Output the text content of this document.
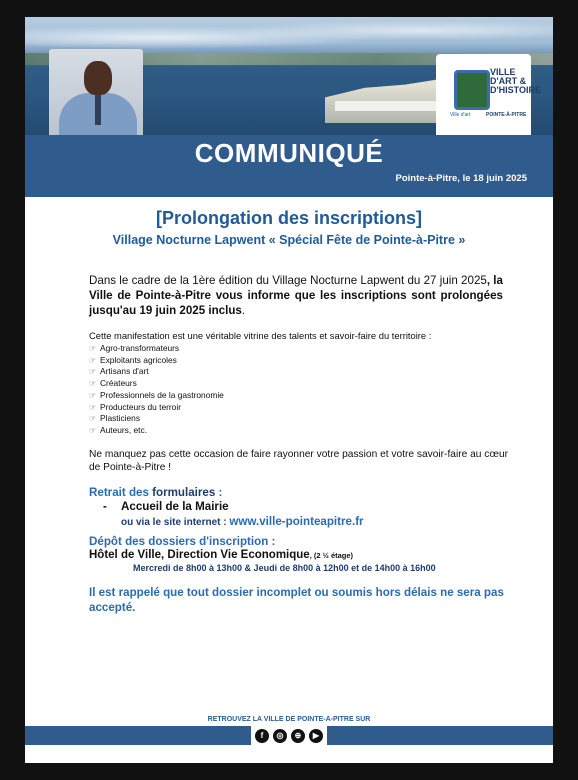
VILLE
D'ART &
D'HISTOIRE
Ville d'art	POINTE-À-PITRE
COMMUNIQUÉ
Pointe-à-Pitre, le 18 juin 2025
[Prolongation des inscriptions]
Village Nocturne Lapwent « Spécial Fête de Pointe-à-Pitre »
Dans le cadre de la 1ère édition du Village Nocturne Lapwent du 27 juin 2025, la Ville de Pointe-à-Pitre vous informe que les inscriptions sont prolongées jusqu'au 19 juin 2025 inclus.
Cette manifestation est une véritable vitrine des talents et savoir-faire du territoire :
☞ Agro-transformateurs
☞ Exploitants agricoles
☞ Artisans d'art
☞ Créateurs
☞ Professionnels de la gastronomie
☞ Producteurs du terroir
☞ Plasticiens
☞ Auteurs, etc.
Ne manquez pas cette occasion de faire rayonner votre passion et votre savoir-faire au cœur de Pointe-à-Pitre !
Retrait des formulaires :
- Accueil de la Mairie
ou via le site internet : www.ville-pointeapitre.fr
Dépôt des dossiers d'inscription :
Hôtel de Ville, Direction Vie Economique, (2 ½ étage)
Mercredi de 8h00 à 13h00 & Jeudi de 8h00 à 12h00 et de 14h00 à 16h00
Il est rappelé que tout dossier incomplet ou soumis hors délais ne sera pas accepté.
RETROUVEZ LA VILLE DE POINTE-A-PITRE SUR
f	◎	⊕	▶
